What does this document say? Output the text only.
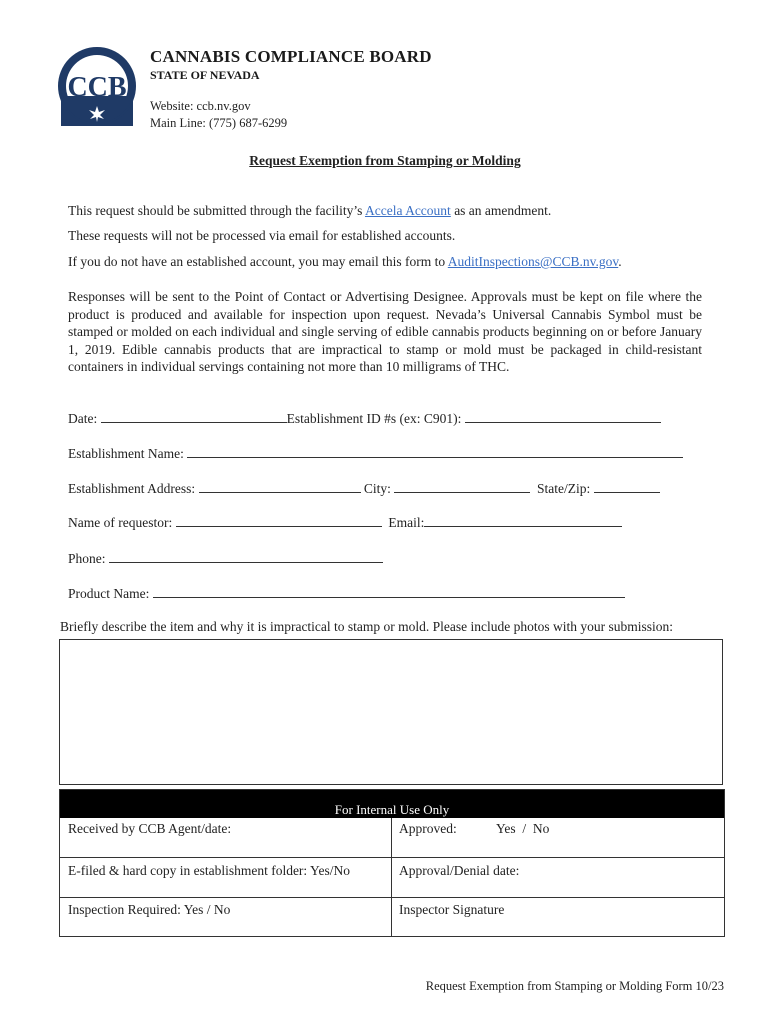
CCB
CANNABIS COMPLIANCE BOARD
STATE OF NEVADA
Website: ccb.nv.gov
Main Line: (775) 687-6299
Request Exemption from Stamping or Molding
This request should be submitted through the facility’s Accela Account as an amendment.
These requests will not be processed via email for established accounts.
If you do not have an established account, you may email this form to AuditInspections@CCB.nv.gov.
Responses will be sent to the Point of Contact or Advertising Designee. Approvals must be kept on file where the product is produced and available for inspection upon request. Nevada’s Universal Cannabis Symbol must be stamped or molded on each individual and single serving of edible cannabis products beginning on or before January 1, 2019. Edible cannabis products that are impractical to stamp or mold must be packaged in child-resistant containers in individual servings containing not more than 10 milligrams of THC.
Date:	Establishment ID #s (ex: C901):
Establishment Name:
Establishment Address:	City:	State/Zip:
Name of requestor:	Email:
Phone:
Product Name:
Briefly describe the item and why it is impractical to stamp or mold. Please include photos with your submission:
For Internal Use Only
Received by CCB Agent/date:	Approved:	Yes  /  No
E-filed & hard copy in establishment folder: Yes/No	Approval/Denial date:
Inspection Required: Yes / No	Inspector Signature
Request Exemption from Stamping or Molding Form 10/23
